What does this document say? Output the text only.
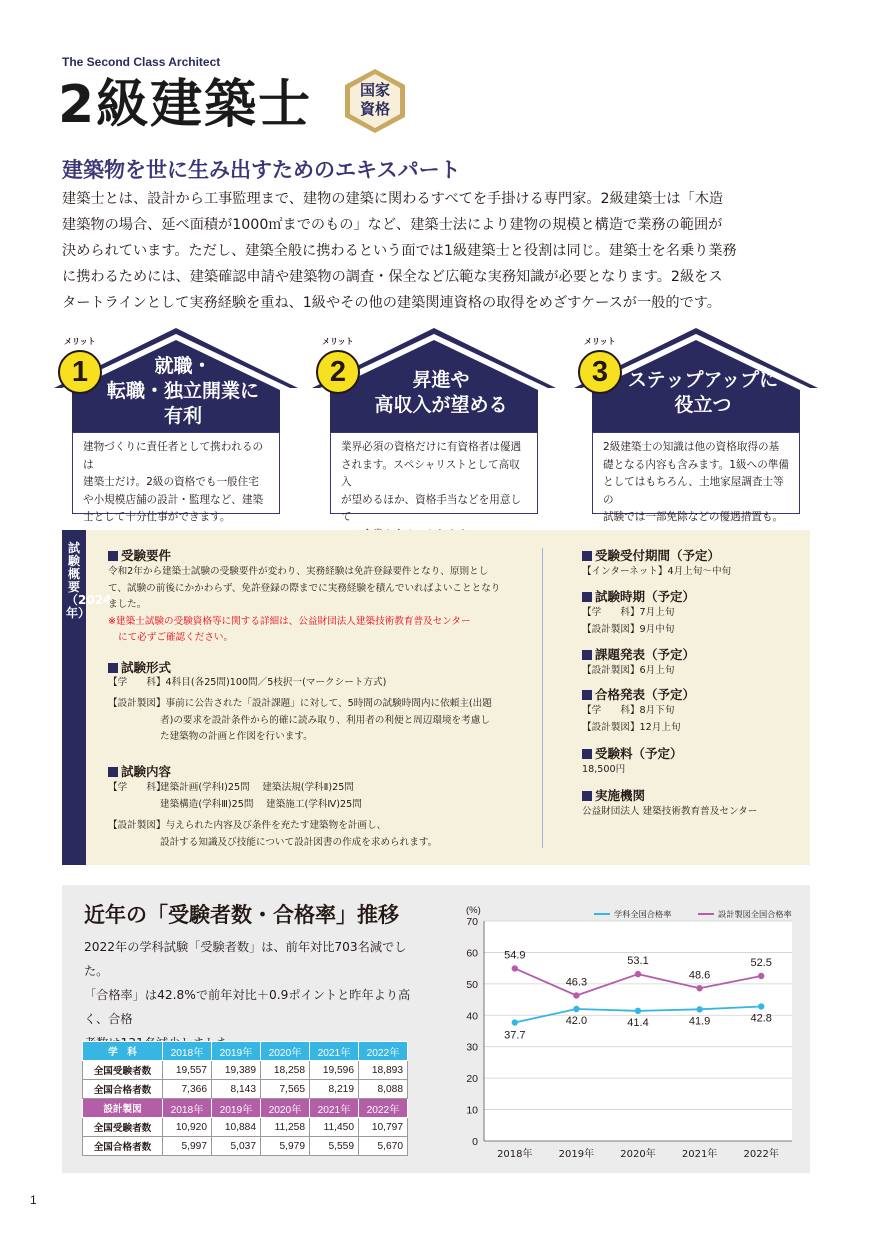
The Second Class Architect
2級建築士	国家
資格
建築物を世に生み出すためのエキスパート
建築士とは、設計から工事監理まで、建物の建築に関わるすべてを手掛ける専門家。2級建築士は「木造
建築物の場合、延べ面積が1000㎡までのもの」など、建築士法により建物の規模と構造で業務の範囲が
決められています。ただし、建築全般に携わるという面では1級建築士と役割は同じ。建築士を名乗り業務
に携わるためには、建築確認申請や建築物の調査・保全など広範な実務知識が必要となります。2級をス
タートラインとして実務経験を重ね、1級やその他の建築関連資格の取得をめざすケースが一般的です。
メリット
1	就職・
転職・独立開業に
有利
建物づくりに責任者として携われるのは
建築士だけ。2級の資格でも一般住宅
や小規模店舗の設計・監理など、建築
士として十分仕事ができます。
メリット
2	昇進や
高収入が望める
業界必須の資格だけに有資格者は優遇
されます。スペシャリストとして高収入
が望めるほか、資格手当などを用意して
メリット
3	ステップアップに
役立つ
2級建築士の知識は他の資格取得の基
礎となる内容も含みます。1級への準備
としてはもちろん、土地家屋調査士等の
試験では一部免除などの優遇措置も。
試験概要（2024年）
受験要件
令和2年から建築士試験の受験要件が変わり、実務経験は免許登録要件となり、原則とし
て、試験の前後にかかわらず、免許登録の際までに実務経験を積んでいればよいこととなり
ました。
※建築士試験の受験資格等に関する詳細は、公益財団法人建築技術教育普及センター
にて必ずご確認ください。
試験形式
【学　　科】4科目(各25問)100問／5枝択一(マークシート方式)
【設計製図】事前に公告された「設計課題」に対して、5時間の試験時間内に依頼主(出題
者)の要求を設計条件から的確に読み取り、利用者の利便と周辺環境を考慮し
た建築物の計画と作図を行います。
試験内容
【学　　科】
建築計画(学科Ⅰ)25問　 建築法規(学科Ⅱ)25問
建築構造(学科Ⅲ)25問　 建築施工(学科Ⅳ)25問
【設計製図】与えられた内容及び条件を充たす建築物を計画し、
設計する知識及び技能について設計図書の作成を求められます。
受験受付期間（予定）
【インターネット】4月上旬～中旬
試験時期（予定）
【学　　科】7月上旬
【設計製図】9月中旬
課題発表（予定）
【設計製図】6月上旬
合格発表（予定）
【学　　科】8月下旬
【設計製図】12月上旬
受験料（予定）
18,500円
実施機関
公益財団法人 建築技術教育普及センター
近年の「受験者数・合格率」推移
2022年の学科試験「受験者数」は、前年対比703名減でした。
「合格率」は42.8%で前年対比＋0.9ポイントと昨年より高く、合格
学　科	2018年	2019年	2020年	2021年	2022年
全国受験者数	19,557	19,389	18,258	19,596	18,893
全国合格者数	7,366	8,143	7,565	8,219	8,088
設計製図	2018年	2019年	2020年	2021年	2022年
全国受験者数	10,920	10,884	11,258	11,450	10,797
全国合格者数	5,997	5,037	5,979	5,559	5,670	0
10
20
30
40
50
60
70
(%)
2018年	2019年	2020年	2021年	2022年
37.7
42.0	41.4	41.9	42.8
学科全国合格率
54.9
46.3
53.1
48.6
52.5
設計製図全国合格率
1
